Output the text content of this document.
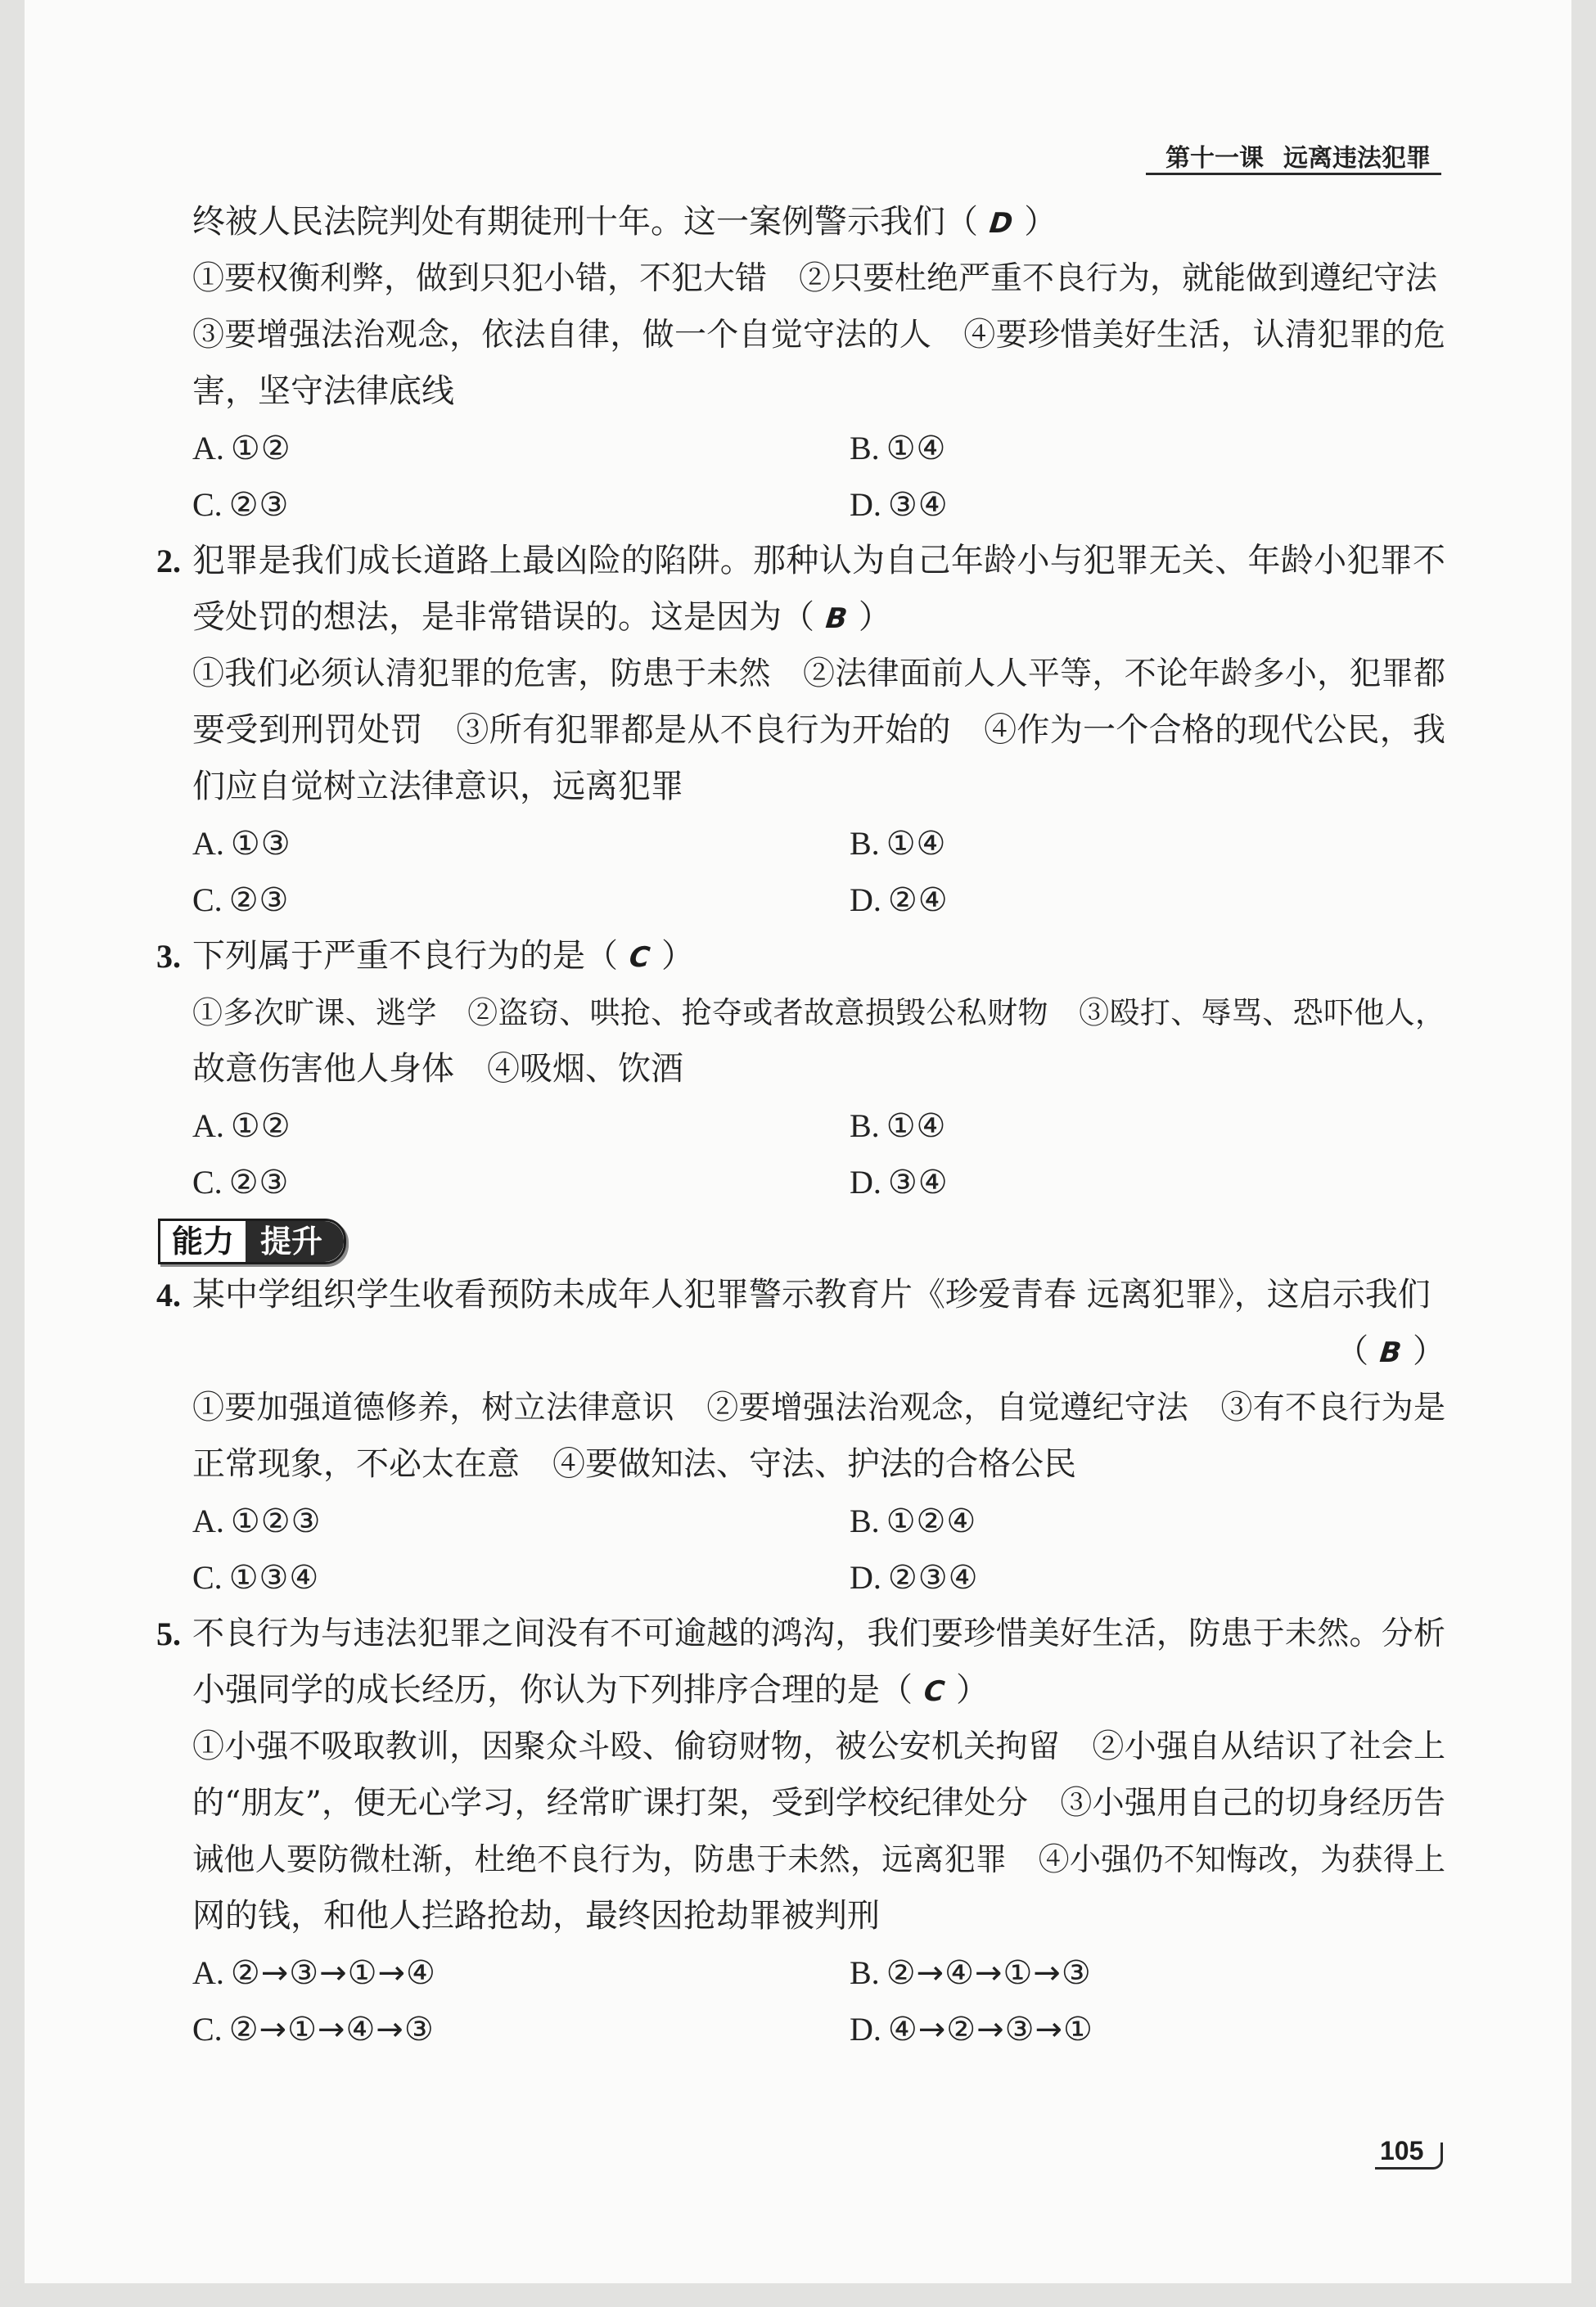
第十一课 远离违法犯罪
终被人民法院判处有期徒刑十年。这一案例警示我们（ D ）
①要权衡利弊，做到只犯小错，不犯大错　②只要杜绝严重不良行为，就能做到遵纪守法
③要增强法治观念，依法自律，做一个自觉守法的人　④要珍惜美好生活，认清犯罪的危
害，坚守法律底线
A. ①②	B. ①④
C. ②③	D. ③④
2. 犯罪是我们成长道路上最凶险的陷阱。那种认为自己年龄小与犯罪无关、年龄小犯罪不
受处罚的想法，是非常错误的。这是因为（ B ）
①我们必须认清犯罪的危害，防患于未然　②法律面前人人平等，不论年龄多小，犯罪都
要受到刑罚处罚　③所有犯罪都是从不良行为开始的　④作为一个合格的现代公民，我
们应自觉树立法律意识，远离犯罪
A. ①③	B. ①④
C. ②③	D. ②④
3. 下列属于严重不良行为的是（ C ）
①多次旷课、逃学　②盗窃、哄抢、抢夺或者故意损毁公私财物　③殴打、辱骂、恐吓他人，
故意伤害他人身体　④吸烟、饮酒
A. ①②	B. ①④
C. ②③	D. ③④
能力 提升
4. 某中学组织学生收看预防未成年人犯罪警示教育片《珍爱青春 远离犯罪》，这启示我们
（ B ）
①要加强道德修养，树立法律意识　②要增强法治观念，自觉遵纪守法　③有不良行为是
正常现象，不必太在意　④要做知法、守法、护法的合格公民
A. ①②③	B. ①②④
C. ①③④	D. ②③④
5. 不良行为与违法犯罪之间没有不可逾越的鸿沟，我们要珍惜美好生活，防患于未然。分析
小强同学的成长经历，你认为下列排序合理的是（ C ）
①小强不吸取教训，因聚众斗殴、偷窃财物，被公安机关拘留　②小强自从结识了社会上
的“朋友”，便无心学习，经常旷课打架，受到学校纪律处分　③小强用自己的切身经历告
诫他人要防微杜渐，杜绝不良行为，防患于未然，远离犯罪　④小强仍不知悔改，为获得上
网的钱，和他人拦路抢劫，最终因抢劫罪被判刑
A. ②→③→①→④	B. ②→④→①→③
C. ②→①→④→③	D. ④→②→③→①
105
